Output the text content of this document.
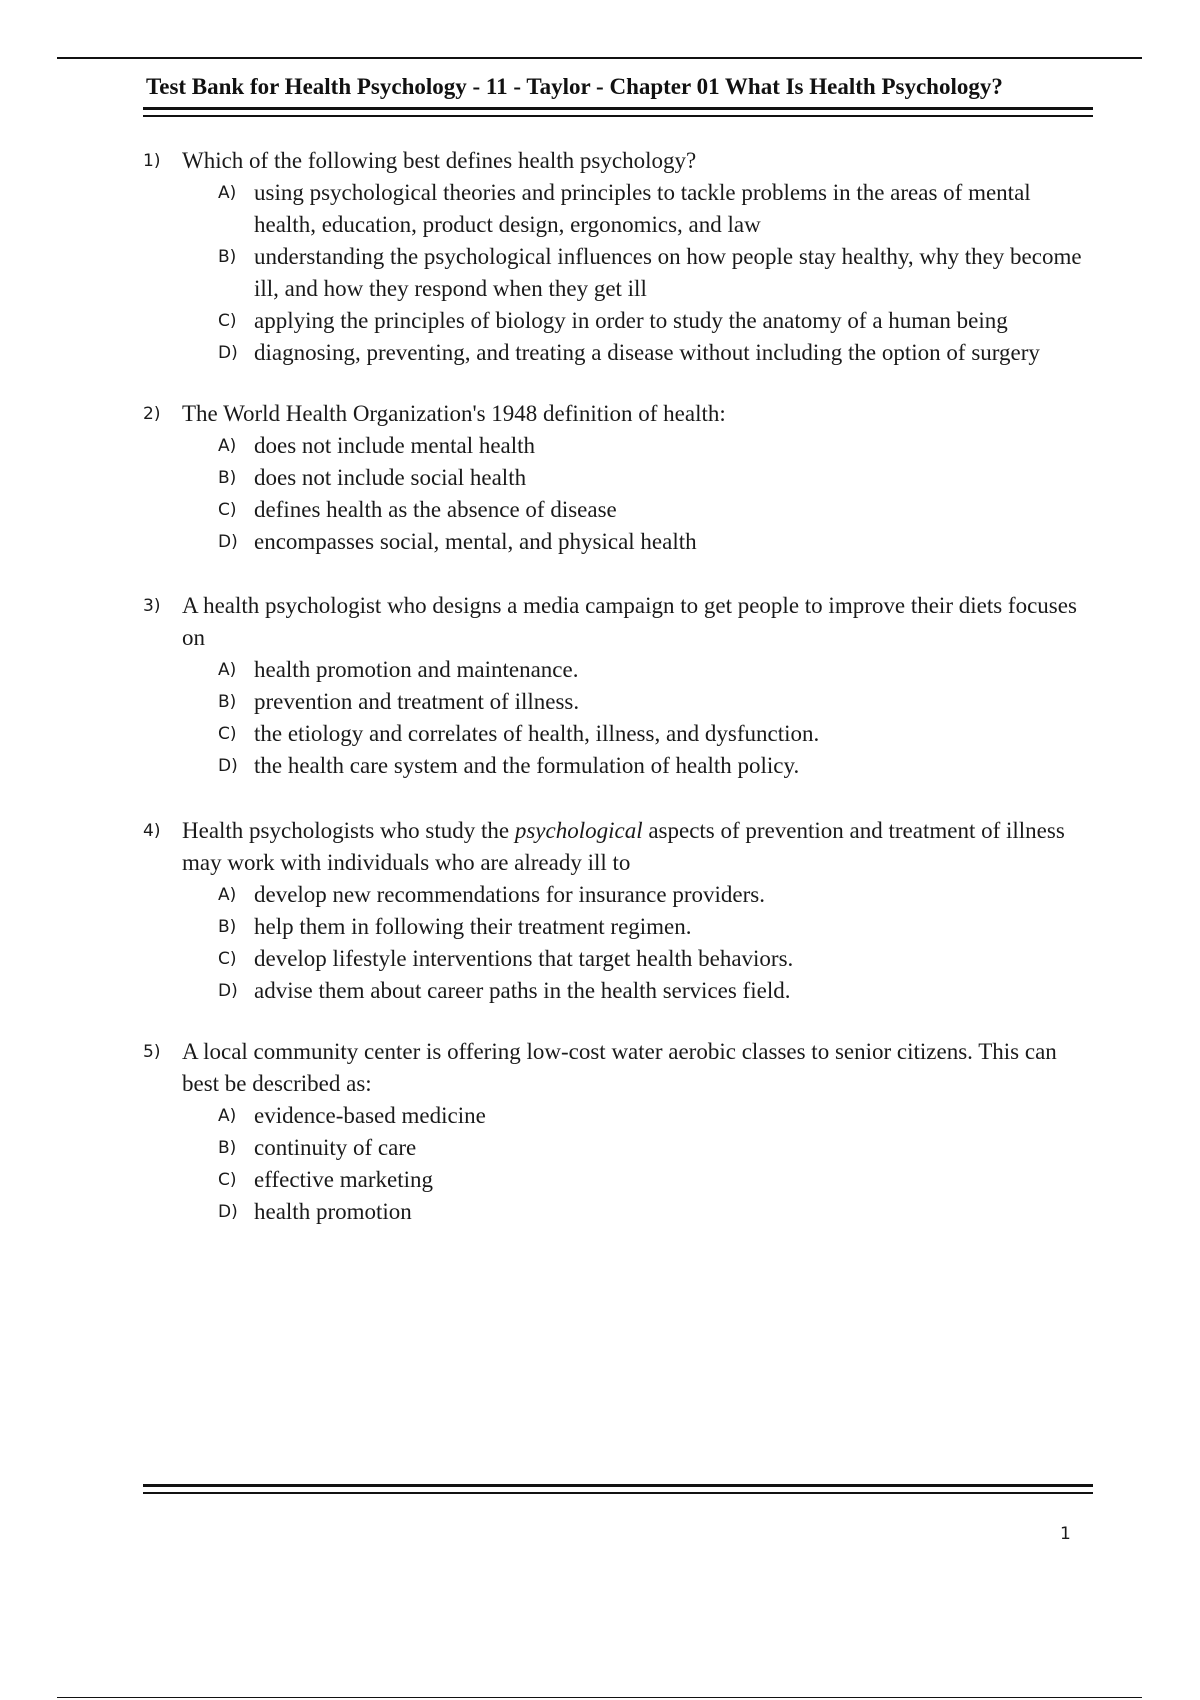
Test Bank for Health Psychology - 11 - Taylor - Chapter 01 What Is Health Psychology?
1) Which of the following best defines health psychology?
A) using psychological theories and principles to tackle problems in the areas of mental health, education, product design, ergonomics, and law
B) understanding the psychological influences on how people stay healthy, why they become ill, and how they respond when they get ill
C) applying the principles of biology in order to study the anatomy of a human being
D) diagnosing, preventing, and treating a disease without including the option of surgery
2) The World Health Organization's 1948 definition of health:
A) does not include mental health
B) does not include social health
C) defines health as the absence of disease
D) encompasses social, mental, and physical health
3) A health psychologist who designs a media campaign to get people to improve their diets focuses on
A) health promotion and maintenance.
B) prevention and treatment of illness.
C) the etiology and correlates of health, illness, and dysfunction.
D) the health care system and the formulation of health policy.
4) Health psychologists who study the psychological aspects of prevention and treatment of illness may work with individuals who are already ill to
A) develop new recommendations for insurance providers.
B) help them in following their treatment regimen.
C) develop lifestyle interventions that target health behaviors.
D) advise them about career paths in the health services field.
5) A local community center is offering low-cost water aerobic classes to senior citizens. This can best be described as:
A) evidence-based medicine
B) continuity of care
C) effective marketing
D) health promotion
1
